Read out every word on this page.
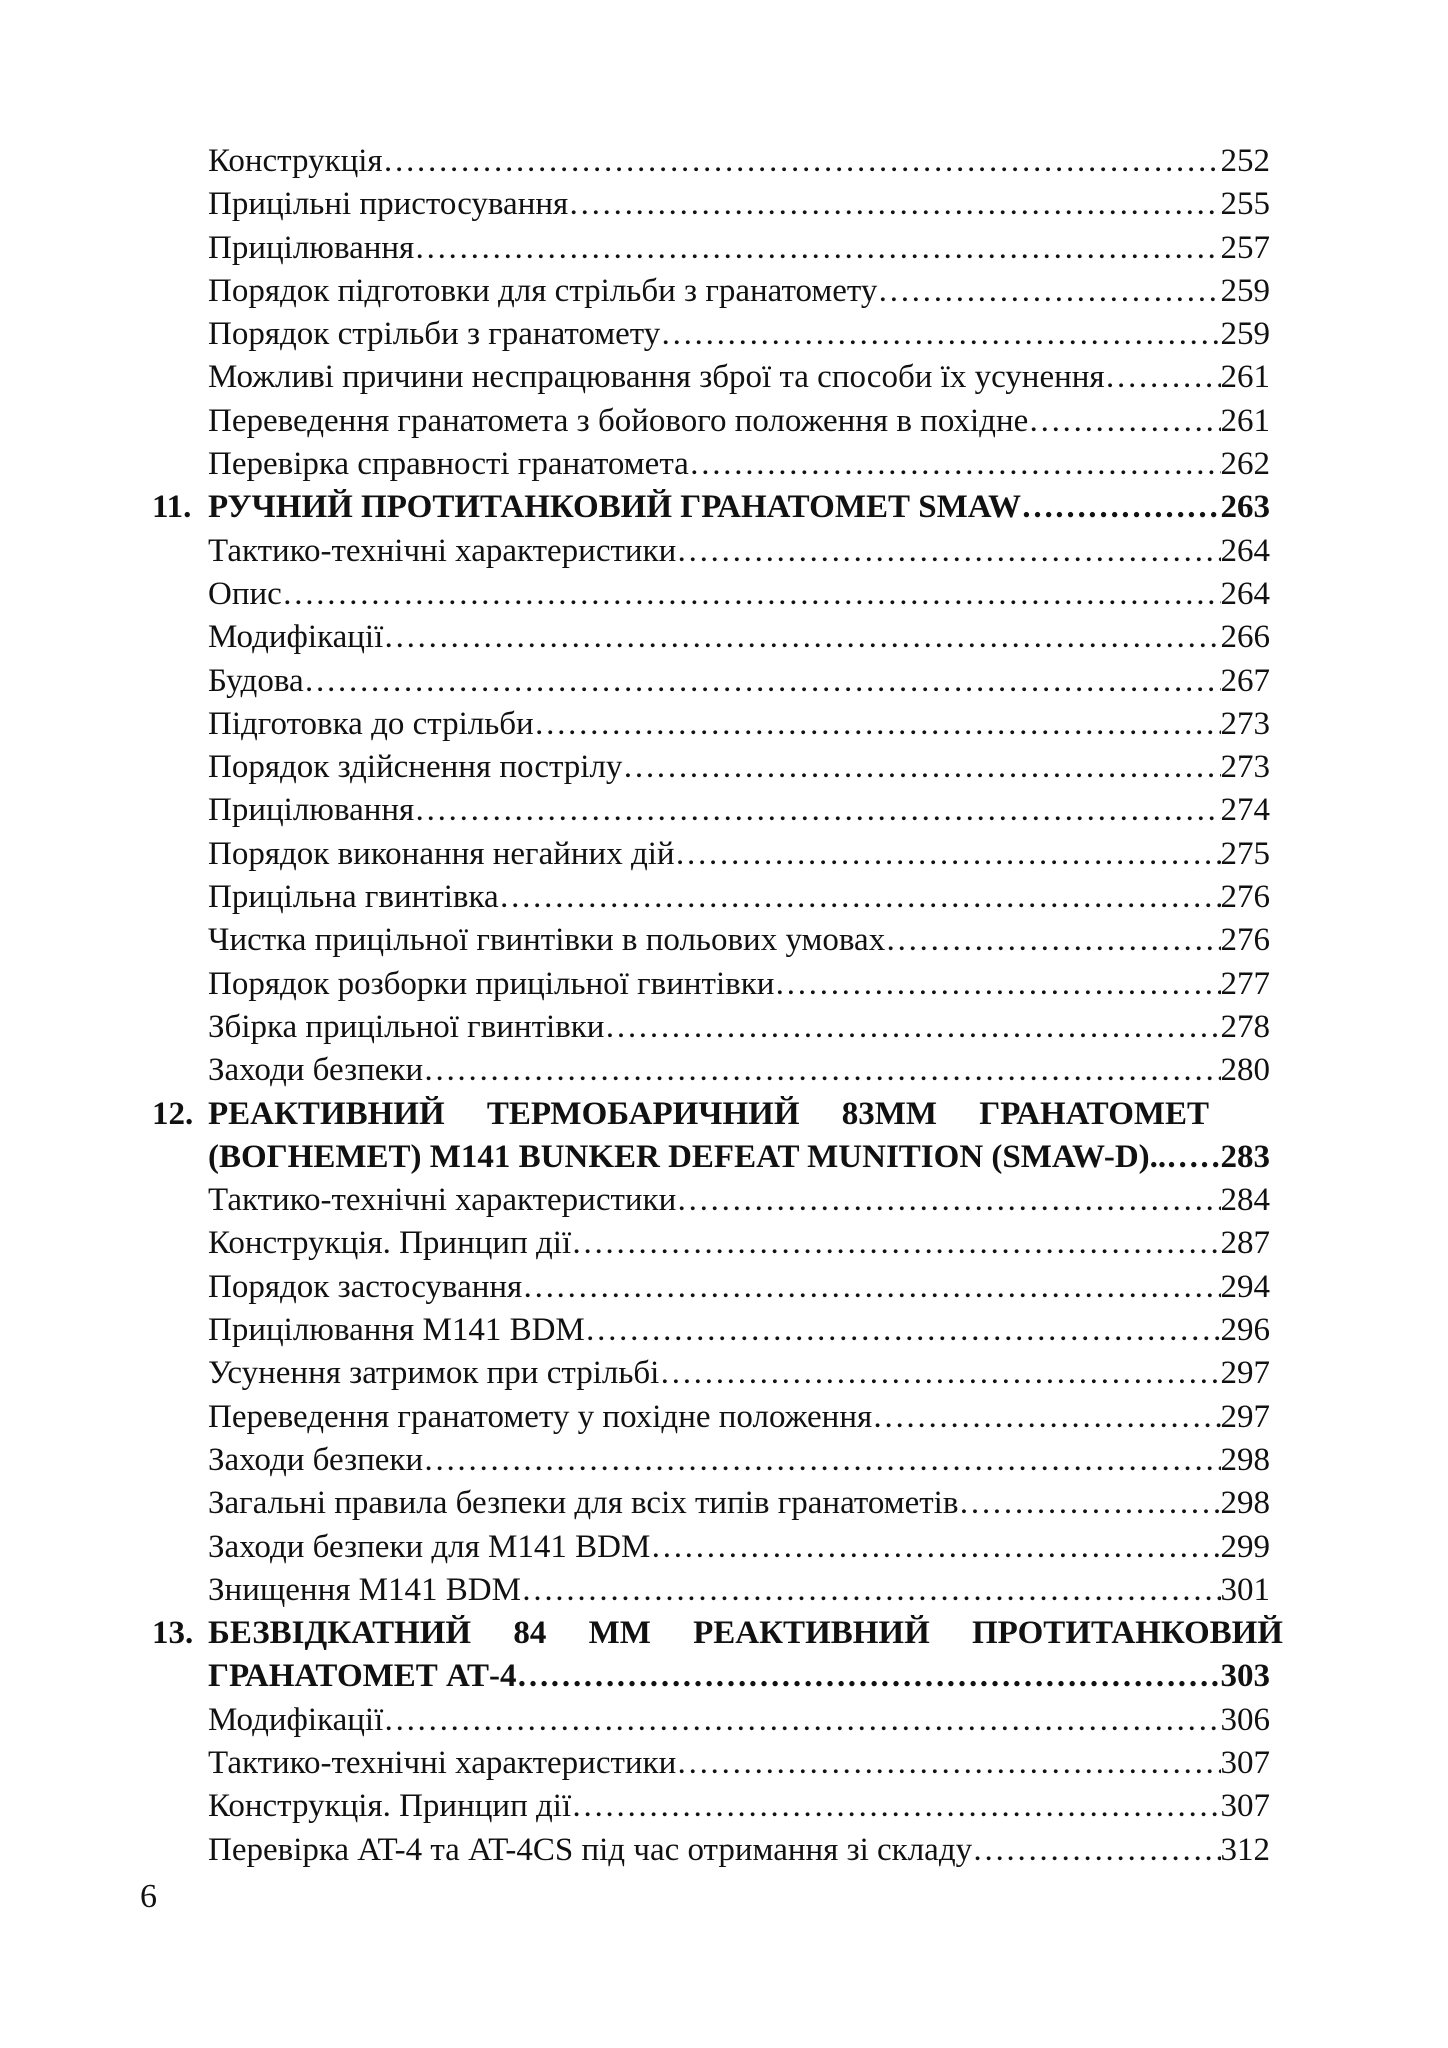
Конструкція …………………………………………………………………………………………………………………………………………………………………………………………………………………………	252
Прицільні пристосування …………………………………………………………………………………………………………………………………………………………………………………………………………………………	255
Прицілювання …………………………………………………………………………………………………………………………………………………………………………………………………………………………	257
Порядок підготовки для стрільби з гранатомету …………………………………………………………………………………………………………………………………………………………………………………………………………………………	259
Порядок стрільби з гранатомету …………………………………………………………………………………………………………………………………………………………………………………………………………………………	259
Можливі причини неспрацювання зброї та способи їх усунення …………………………………………………………………………………………………………………………………………………………………………………………………………………………	261
Переведення гранатомета з бойового положення в похідне …………………………………………………………………………………………………………………………………………………………………………………………………………………………	261
Перевірка справності гранатомета …………………………………………………………………………………………………………………………………………………………………………………………………………………………	262
11. РУЧНИЙ ПРОТИТАНКОВИЙ ГРАНАТОМЕТ SMAW …………………………………………………………………………………………………………………………………………………………………………………………………………………………	263
Тактико-технічні характеристики …………………………………………………………………………………………………………………………………………………………………………………………………………………………	264
Опис …………………………………………………………………………………………………………………………………………………………………………………………………………………………	264
Модифікації …………………………………………………………………………………………………………………………………………………………………………………………………………………………	266
Будова …………………………………………………………………………………………………………………………………………………………………………………………………………………………	267
Підготовка до стрільби …………………………………………………………………………………………………………………………………………………………………………………………………………………………	273
Порядок здійснення пострілу …………………………………………………………………………………………………………………………………………………………………………………………………………………………	273
Прицілювання …………………………………………………………………………………………………………………………………………………………………………………………………………………………	274
Порядок виконання негайних дій …………………………………………………………………………………………………………………………………………………………………………………………………………………………	275
Прицільна гвинтівка …………………………………………………………………………………………………………………………………………………………………………………………………………………………	276
Чистка прицільної гвинтівки в польових умовах …………………………………………………………………………………………………………………………………………………………………………………………………………………………	276
Порядок розборки прицільної гвинтівки …………………………………………………………………………………………………………………………………………………………………………………………………………………………	277
Збірка прицільної гвинтівки …………………………………………………………………………………………………………………………………………………………………………………………………………………………	278
Заходи безпеки …………………………………………………………………………………………………………………………………………………………………………………………………………………………	280
12. РЕАКТИВНИЙ ТЕРМОБАРИЧНИЙ 83ММ ГРАНАТОМЕТ
(ВОГНЕМЕТ) M141 BUNKER DEFEAT MUNITION (SMAW-D).. ………………………………………………………………………………………………………………………………………………………………………………………………………………………… 283
Тактико-технічні характеристики …………………………………………………………………………………………………………………………………………………………………………………………………………………………	284
Конструкція. Принцип дії …………………………………………………………………………………………………………………………………………………………………………………………………………………………	287
Порядок застосування …………………………………………………………………………………………………………………………………………………………………………………………………………………………	294
Прицілювання M141 BDM …………………………………………………………………………………………………………………………………………………………………………………………………………………………	296
Усунення затримок при стрільбі …………………………………………………………………………………………………………………………………………………………………………………………………………………………	297
Переведення гранатомету у похідне положення …………………………………………………………………………………………………………………………………………………………………………………………………………………………	297
Заходи безпеки …………………………………………………………………………………………………………………………………………………………………………………………………………………………	298
Загальні правила безпеки для всіх типів гранатометів …………………………………………………………………………………………………………………………………………………………………………………………………………………………	298
Заходи безпеки для M141 BDM …………………………………………………………………………………………………………………………………………………………………………………………………………………………	299
Знищення M141 BDM …………………………………………………………………………………………………………………………………………………………………………………………………………………………	301
13. БЕЗВІДКАТНИЙ 84 ММ РЕАКТИВНИЙ ПРОТИТАНКОВИЙ
ГРАНАТОМЕТ АТ-4 …………………………………………………………………………………………………………………………………………………………………………………………………………………………	303
Модифікації …………………………………………………………………………………………………………………………………………………………………………………………………………………………	306
Тактико-технічні характеристики …………………………………………………………………………………………………………………………………………………………………………………………………………………………	307
Конструкція. Принцип дії …………………………………………………………………………………………………………………………………………………………………………………………………………………………	307
Перевірка AT-4 та AT-4CS під час отримання зі складу …………………………………………………………………………………………………………………………………………………………………………………………………………………………	312
6
